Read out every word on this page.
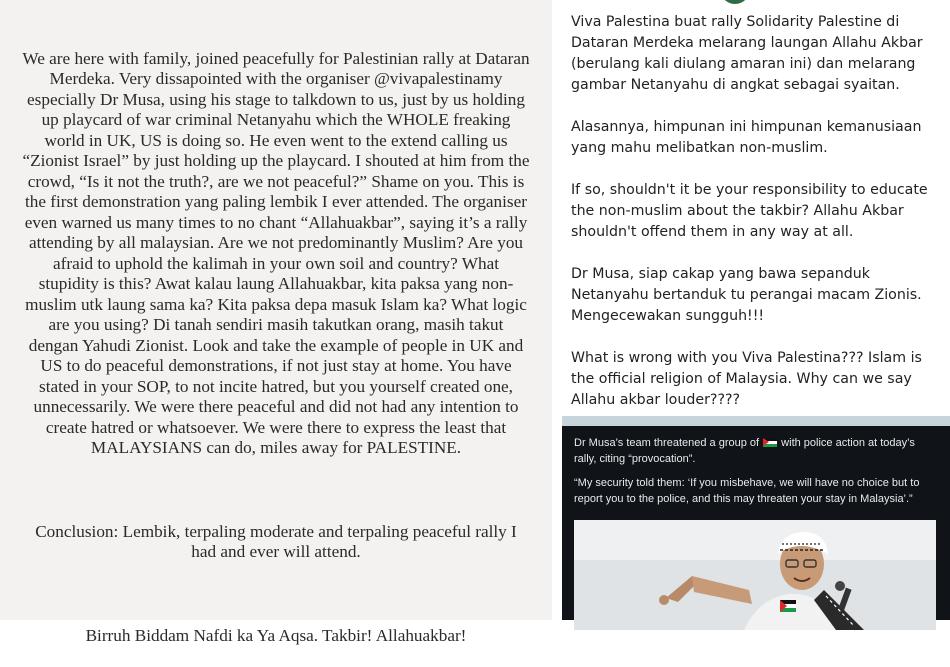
We are here with family, joined peacefully for Palestinian rally at Dataran Merdeka. Very dissapointed with the organiser @vivapalestinamy especially Dr Musa, using his stage to talkdown to us, just by us holding up playcard of war criminal Netanyahu which the WHOLE freaking world in UK, US is doing so. He even went to the extend calling us “Zionist Israel” by just holding up the playcard. I shouted at him from the crowd, “Is it not the truth?, are we not peaceful?” Shame on you. This is the first demonstration yang paling lembik I ever attended. The organiser even warned us many times to no chant “Allahuakbar”, saying it’s a rally attending by all malaysian. Are we not predominantly Muslim? Are you afraid to uphold the kalimah in your own soil and country? What stupidity is this? Awat kalau laung Allahuakbar, kita paksa yang non-muslim utk laung sama ka? Kita paksa depa masuk Islam ka? What logic are you using? Di tanah sendiri masih takutkan orang, masih takut dengan Yahudi Zionist. Look and take the example of people in UK and US to do peaceful demonstrations, if not just stay at home. You have stated in your SOP, to not incite hatred, but you yourself created one, unnecessarily. We were there peaceful and did not had any intention to create hatred or whatsoever. We were there to express the least that MALAYSIANS can do, miles away for PALESTINE.

Conclusion: Lembik, terpaling moderate and terpaling peaceful rally I had and ever will attend.

Birruh Biddam Nafdi ka Ya Aqsa. Takbir! Allahuakbar!

Viva Palestina buat rally Solidarity Palestine di Dataran Merdeka melarang laungan Allahu Akbar (berulang kali diulang amaran ini) dan melarang gambar Netanyahu di angkat sebagai syaitan.
Alasannya, himpunan ini himpunan kemanusiaan yang mahu melibatkan non-muslim.
If so, shouldn't it be your responsibility to educate the non-muslim about the takbir? Allahu Akbar shouldn't offend them in any way at all.
Dr Musa, siap cakap yang bawa sepanduk Netanyahu bertanduk tu perangai macam Zionis. Mengecewakan sungguh!!!
What is wrong with you Viva Palestina??? Islam is the official religion of Malaysia. Why can we say Allahu akbar louder????
Dr Musa’s team threatened a group of
with police action at today’s rally, citing “provocation”.
“My security told them: ‘If you misbehave, we will have no choice but to report you to the police, and this may threaten your stay in Malaysia’.”
